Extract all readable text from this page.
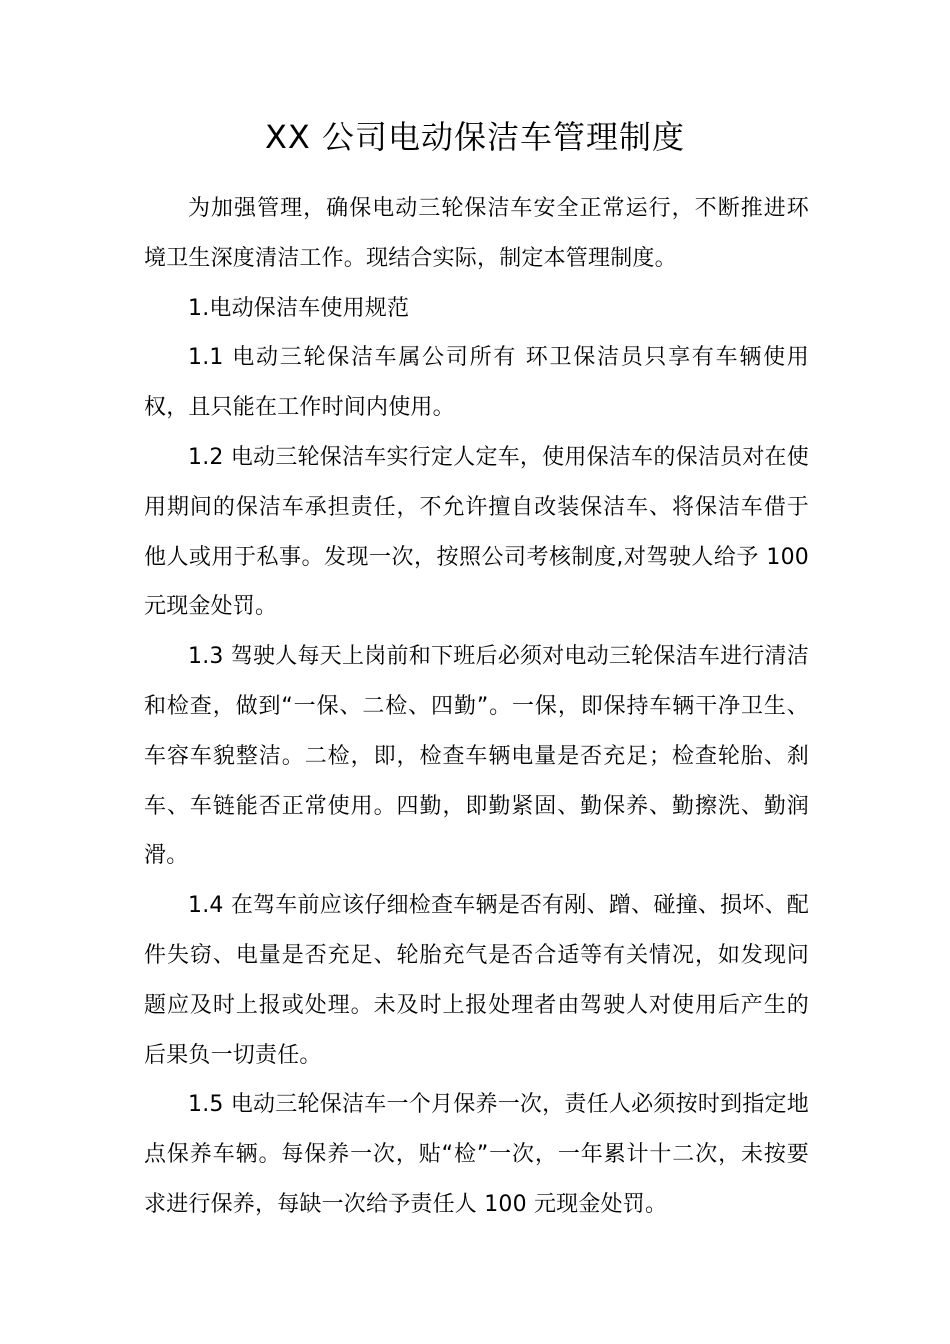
XX 公司电动保洁车管理制度

为加强管理，确保电动三轮保洁车安全正常运行，不断推进环境卫生深度清洁工作。现结合实际，制定本管理制度。

1.电动保洁车使用规范

1.1 电动三轮保洁车属公司所有 环卫保洁员只享有车辆使用权，且只能在工作时间内使用。

1.2 电动三轮保洁车实行定人定车，使用保洁车的保洁员对在使用期间的保洁车承担责任，不允许擅自改装保洁车、将保洁车借于他人或用于私事。发现一次，按照公司考核制度,对驾驶人给予 100 元现金处罚。

1.3 驾驶人每天上岗前和下班后必须对电动三轮保洁车进行清洁和检查，做到“一保、二检、四勤”。一保，即保持车辆干净卫生、车容车貌整洁。二检，即，检查车辆电量是否充足；检查轮胎、刹车、车链能否正常使用。四勤，即勤紧固、勤保养、勤擦洗、勤润滑。

1.4 在驾车前应该仔细检查车辆是否有剐、蹭、碰撞、损坏、配件失窃、电量是否充足、轮胎充气是否合适等有关情况，如发现问题应及时上报或处理。未及时上报处理者由驾驶人对使用后产生的后果负一切责任。

1.5 电动三轮保洁车一个月保养一次，责任人必须按时到指定地点保养车辆。每保养一次，贴“检”一次，一年累计十二次，未按要求进行保养，每缺一次给予责任人 100 元现金处罚。
